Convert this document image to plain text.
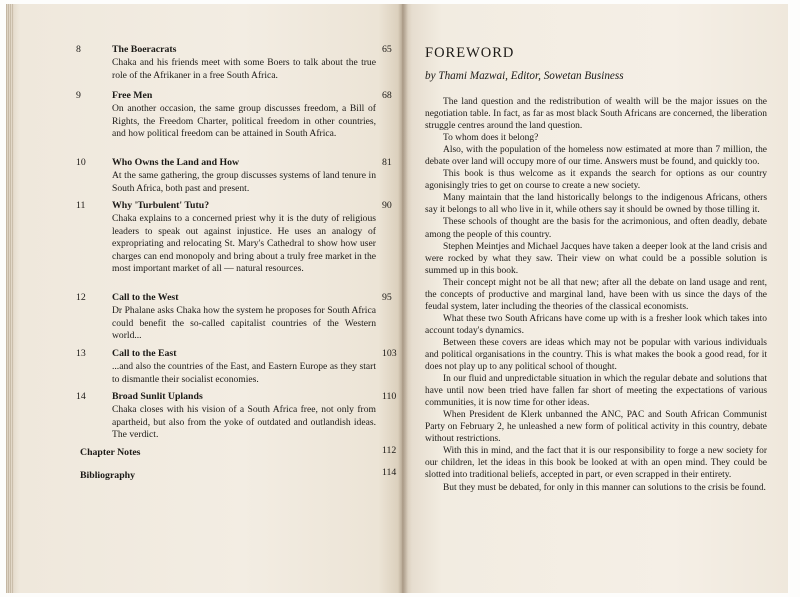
8	The Boeracrats	65
Chaka and his friends meet with some Boers to talk about the true role of the Afrikaner in a free South Africa.
9	Free Men	68
On another occasion, the same group discusses freedom, a Bill of Rights, the Freedom Charter, political freedom in other countries, and how political freedom can be attained in South Africa.
10	Who Owns the Land and How	81
At the same gathering, the group discusses systems of land tenure in South Africa, both past and present.
11	Why 'Turbulent' Tutu?	90
Chaka explains to a concerned priest why it is the duty of religious leaders to speak out against injustice. He uses an analogy of expropriating and relocating St. Mary's Cathedral to show how user charges can end monopoly and bring about a truly free market in the most important market of all — natural resources.
12	Call to the West	95
Dr Phalane asks Chaka how the system he proposes for South Africa could benefit the so-called capitalist countries of the Western world...
13	Call to the East	103
...and also the countries of the East, and Eastern Europe as they start to dismantle their socialist economies.
14	Broad Sunlit Uplands	110
Chaka closes with his vision of a South Africa free, not only from apartheid, but also from the yoke of outdated and outlandish ideas. The verdict.
Chapter Notes	112
Bibliography	114
FOREWORD
by Thami Mazwai, Editor, Sowetan Business

The land question and the redistribution of wealth will be the major issues on the negotiation table. In fact, as far as most black South Africans are concerned, the liberation struggle centres around the land question.

To whom does it belong?

Also, with the population of the homeless now estimated at more than 7 million, the debate over land will occupy more of our time. Answers must be found, and quickly too.

This book is thus welcome as it expands the search for options as our country agonisingly tries to get on course to create a new society.

Many maintain that the land historically belongs to the indigenous Africans, others say it belongs to all who live in it, while others say it should be owned by those tilling it.

These schools of thought are the basis for the acrimonious, and often deadly, debate among the people of this country.

Stephen Meintjes and Michael Jacques have taken a deeper look at the land crisis and were rocked by what they saw. Their view on what could be a possible solution is summed up in this book.

Their concept might not be all that new; after all the debate on land usage and rent, the concepts of productive and marginal land, have been with us since the days of the feudal system, later including the theories of the classical economists.

What these two South Africans have come up with is a fresher look which takes into account today's dynamics.

Between these covers are ideas which may not be popular with various individuals and political organisations in the country. This is what makes the book a good read, for it does not play up to any political school of thought.

In our fluid and unpredictable situation in which the regular debate and solutions that have until now been tried have fallen far short of meeting the expectations of various communities, it is now time for other ideas.

When President de Klerk unbanned the ANC, PAC and South African Communist Party on February 2, he unleashed a new form of political activity in this country, debate without restrictions.

With this in mind, and the fact that it is our responsibility to forge a new society for our children, let the ideas in this book be looked at with an open mind. They could be slotted into traditional beliefs, accepted in part, or even scrapped in their entirety.

But they must be debated, for only in this manner can solutions to the crisis be found.
